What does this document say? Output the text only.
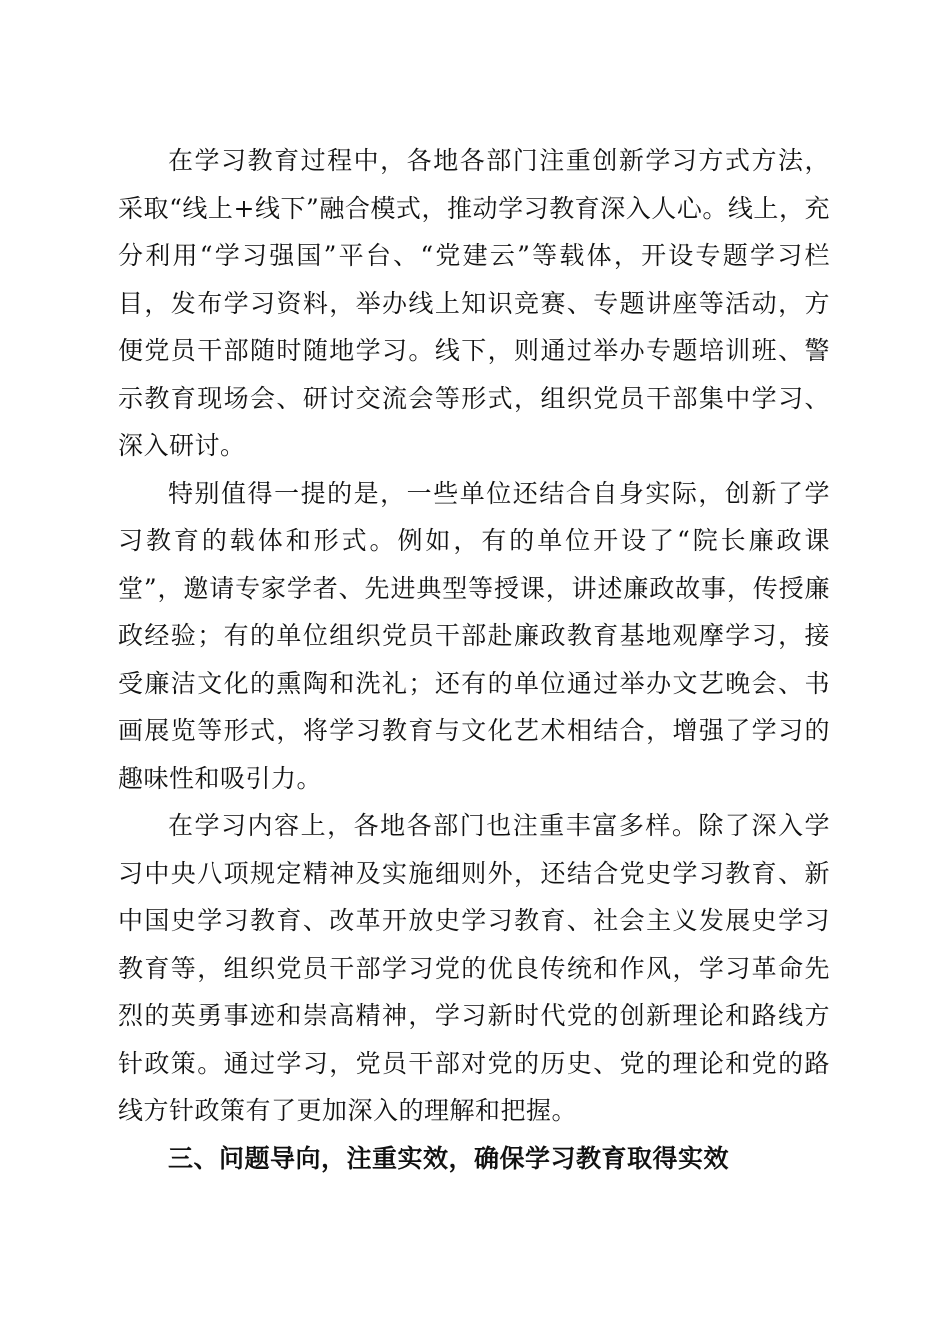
在学习教育过程中，各地各部门注重创新学习方式方法，采取“线上+线下”融合模式，推动学习教育深入人心。线上，充分利用“学习强国”平台、“党建云”等载体，开设专题学习栏目，发布学习资料，举办线上知识竞赛、专题讲座等活动，方便党员干部随时随地学习。线下，则通过举办专题培训班、警示教育现场会、研讨交流会等形式，组织党员干部集中学习、深入研讨。

特别值得一提的是，一些单位还结合自身实际，创新了学习教育的载体和形式。例如，有的单位开设了“院长廉政课堂”，邀请专家学者、先进典型等授课，讲述廉政故事，传授廉政经验；有的单位组织党员干部赴廉政教育基地观摩学习，接受廉洁文化的熏陶和洗礼；还有的单位通过举办文艺晚会、书画展览等形式，将学习教育与文化艺术相结合，增强了学习的趣味性和吸引力。

在学习内容上，各地各部门也注重丰富多样。除了深入学习中央八项规定精神及实施细则外，还结合党史学习教育、新中国史学习教育、改革开放史学习教育、社会主义发展史学习教育等，组织党员干部学习党的优良传统和作风，学习革命先烈的英勇事迹和崇高精神，学习新时代党的创新理论和路线方针政策。通过学习，党员干部对党的历史、党的理论和党的路线方针政策有了更加深入的理解和把握。

三、问题导向，注重实效，确保学习教育取得实效
